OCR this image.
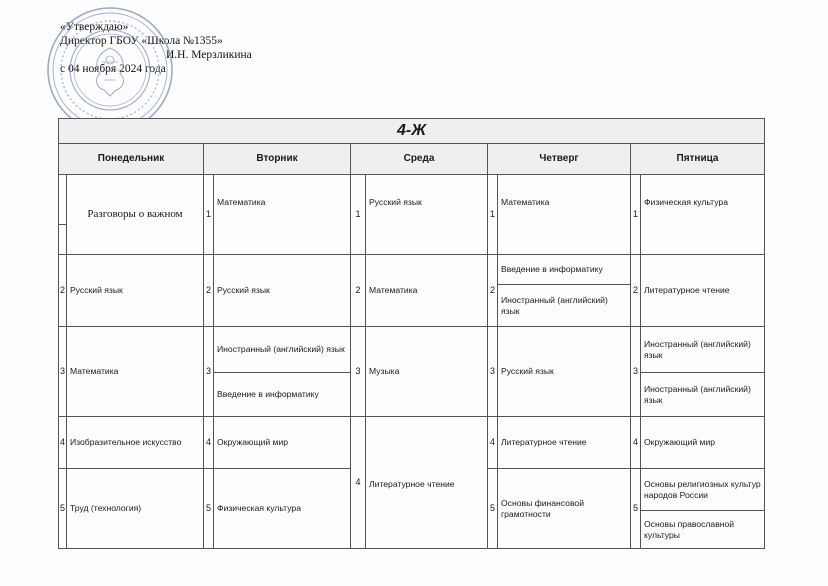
«Утверждаю»
Директор ГБОУ «Школа №1355»
И.Н. Мерзликина
с 04 ноября 2024 года
4-Ж									
Понедельник		Вторник		Среда		Четверг		Пятница	
	Разговоры о важном	1	Математика	1	Русский язык	1	Математика	1	Физическая культура

2	Русский язык	2	Русский язык	2	Математика	2	Введение в информатику	2	Литературное чтение
							Иностранный (английский) язык		
3	Математика	3	Иностранный (английский) язык	3	Музыка	3	Русский язык	3	Иностранный (английский) язык
			Введение в информатику						Иностранный (английский) язык
4	Изобразительное искусство	4	Окружающий мир	4	Литературное чтение	4	Литературное чтение	4	Окружающий мир
5	Труд (технология)	5	Физическая культура			5	Основы финансовой грамотности	5	Основы религиозных культур народов России
									Основы православной культуры
